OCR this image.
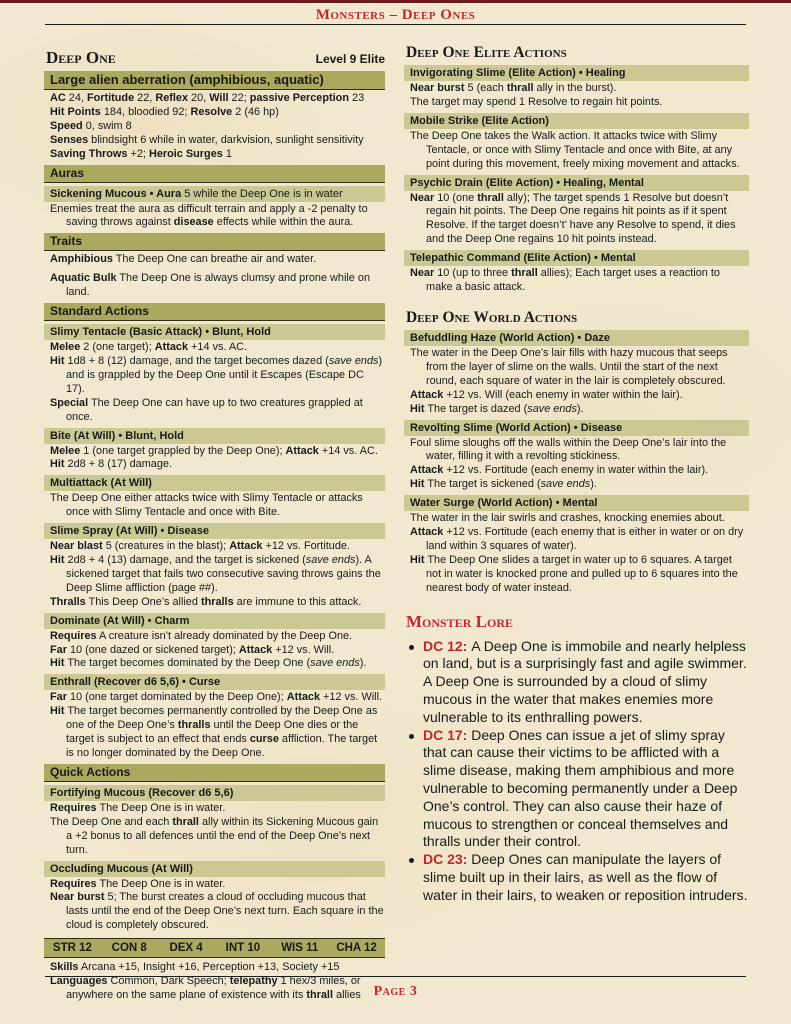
Monsters – Deep Ones
Deep One	Level 9 Elite
Large alien aberration (amphibious, aquatic)
AC 24, Fortitude 22, Reflex 20, Will 22; passive Perception 23
Hit Points 184, bloodied 92; Resolve 2 (46 hp)
Speed 0, swim 8
Senses blindsight 6 while in water, darkvision, sunlight sensitivity
Saving Throws +2; Heroic Surges 1
Auras
Sickening Mucous • Aura 5 while the Deep One is in water
Enemies treat the aura as difficult terrain and apply a -2 penalty to saving throws against disease effects while within the aura.
Traits
Amphibious The Deep One can breathe air and water.
Aquatic Bulk The Deep One is always clumsy and prone while on land.
Standard Actions
Slimy Tentacle (Basic Attack) • Blunt, Hold
Melee 2 (one target); Attack +14 vs. AC.
Hit 1d8 + 8 (12) damage, and the target becomes dazed (save ends) and is grappled by the Deep One until it Escapes (Escape DC 17).
Special The Deep One can have up to two creatures grappled at once.
Bite (At Will) • Blunt, Hold
Melee 1 (one target grappled by the Deep One); Attack +14 vs. AC.
Hit 2d8 + 8 (17) damage.
Multiattack (At Will)
The Deep One either attacks twice with Slimy Tentacle or attacks once with Slimy Tentacle and once with Bite.
Slime Spray (At Will) • Disease
Near blast 5 (creatures in the blast); Attack +12 vs. Fortitude.
Hit 2d8 + 4 (13) damage, and the target is sickened (save ends). A sickened target that fails two consecutive saving throws gains the Deep Slime affliction (page ##).
Thralls This Deep One’s allied thralls are immune to this attack.
Dominate (At Will) • Charm
Requires A creature isn’t already dominated by the Deep One.
Far 10 (one dazed or sickened target); Attack +12 vs. Will.
Hit The target becomes dominated by the Deep One (save ends).
Enthrall (Recover d6 5,6) • Curse
Far 10 (one target dominated by the Deep One); Attack +12 vs. Will.
Hit The target becomes permanently controlled by the Deep One as one of the Deep One’s thralls until the Deep One dies or the target is subject to an effect that ends curse affliction. The target is no longer dominated by the Deep One.
Quick Actions
Fortifying Mucous (Recover d6 5,6)
Requires The Deep One is in water.
The Deep One and each thrall ally within its Sickening Mucous gain a +2 bonus to all defences until the end of the Deep One’s next turn.
Occluding Mucous (At Will)
Requires The Deep One is in water.
Near burst 5; The burst creates a cloud of occluding mucous that lasts until the end of the Deep One’s next turn. Each square in the cloud is completely obscured.
STR 12	CON 8	DEX 4	INT 10	WIS 11	CHA 12
Skills Arcana +15, Insight +16, Perception +13, Society +15
Languages Common, Dark Speech; telepathy 1 hex/3 miles, or anywhere on the same plane of existence with its thrall allies
Deep One Elite Actions
Invigorating Slime (Elite Action) • Healing
Near burst 5 (each thrall ally in the burst).
The target may spend 1 Resolve to regain hit points.
Mobile Strike (Elite Action)
The Deep One takes the Walk action. It attacks twice with Slimy Tentacle, or once with Slimy Tentacle and once with Bite, at any point during this movement, freely mixing movement and attacks.
Psychic Drain (Elite Action) • Healing, Mental
Near 10 (one thrall ally); The target spends 1 Resolve but doesn’t regain hit points. The Deep One regains hit points as if it spent Resolve. If the target doesn’t’ have any Resolve to spend, it dies and the Deep One regains 10 hit points instead.
Telepathic Command (Elite Action) • Mental
Near 10 (up to three thrall allies); Each target uses a reaction to make a basic attack.
Deep One World Actions
Befuddling Haze (World Action) • Daze
The water in the Deep One’s lair fills with hazy mucous that seeps from the layer of slime on the walls. Until the start of the next round, each square of water in the lair is completely obscured.
Attack +12 vs. Will (each enemy in water within the lair).
Hit The target is dazed (save ends).
Revolting Slime (World Action) • Disease
Foul slime sloughs off the walls within the Deep One’s lair into the water, filling it with a revolting stickiness.
Attack +12 vs. Fortitude (each enemy in water within the lair).
Hit The target is sickened (save ends).
Water Surge (World Action) • Mental
The water in the lair swirls and crashes, knocking enemies about.
Attack +12 vs. Fortitude (each enemy that is either in water or on dry land within 3 squares of water).
Hit The Deep One slides a target in water up to 6 squares. A target not in water is knocked prone and pulled up to 6 squares into the nearest body of water instead.
Monster Lore
DC 12: A Deep One is immobile and nearly helpless on land, but is a surprisingly fast and agile swimmer. A Deep One is surrounded by a cloud of slimy mucous in the water that makes enemies more vulnerable to its enthralling powers.
DC 17: Deep Ones can issue a jet of slimy spray that can cause their victims to be afflicted with a slime disease, making them amphibious and more vulnerable to becoming permanently under a Deep One’s control. They can also cause their haze of mucous to strengthen or conceal themselves and thralls under their control.
DC 23: Deep Ones can manipulate the layers of slime built up in their lairs, as well as the flow of water in their lairs, to weaken or reposition intruders.
Page 3
